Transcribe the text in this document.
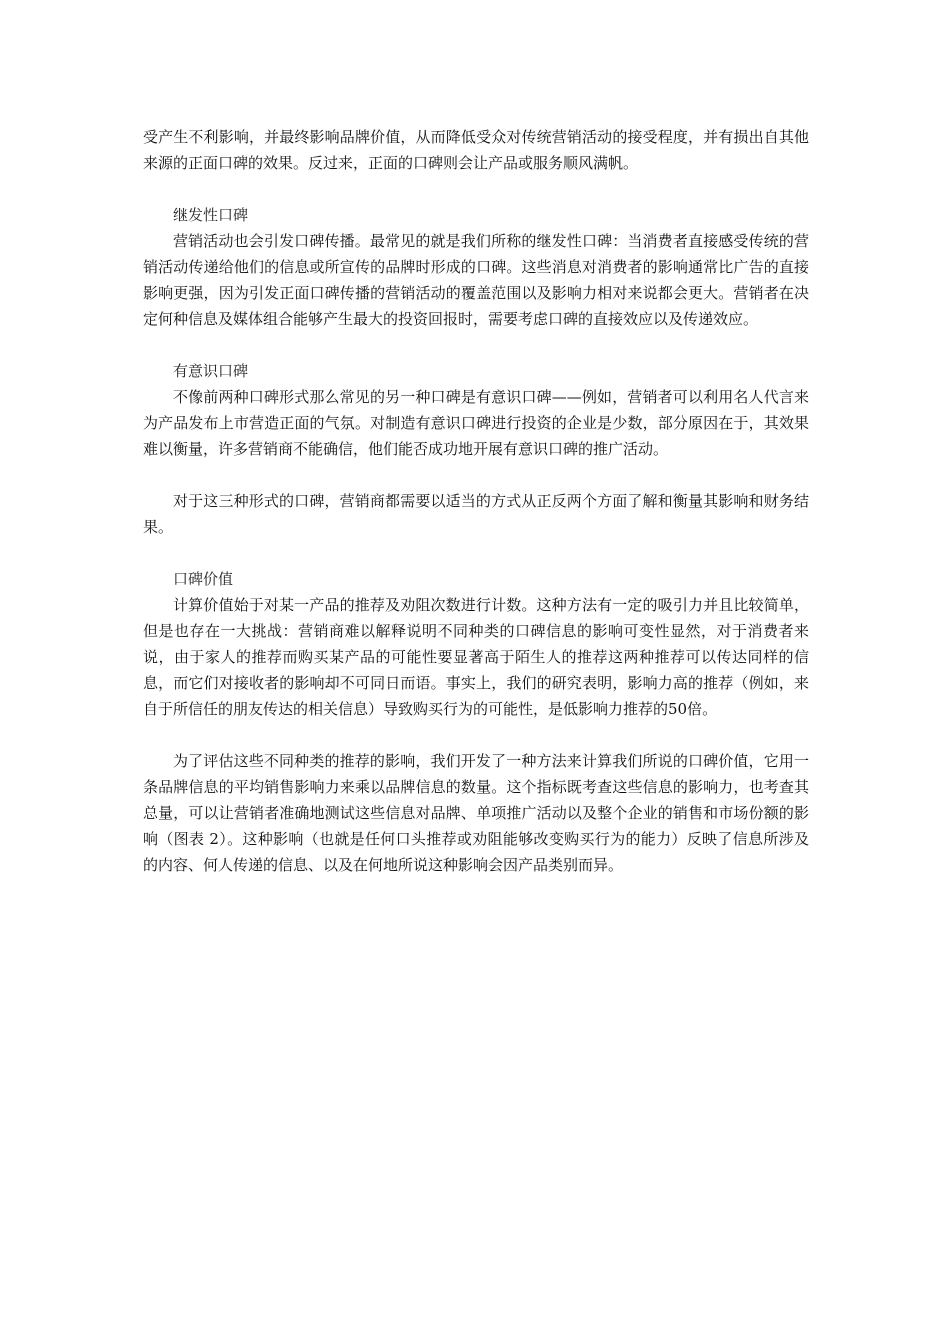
受产生不利影响，并最终影响品牌价值，从而降低受众对传统营销活动的接受程度，并有损出自其他来源的正面口碑的效果。反过来，正面的口碑则会让产品或服务顺风满帆。

继发性口碑

营销活动也会引发口碑传播。最常见的就是我们所称的继发性口碑：当消费者直接感受传统的营销活动传递给他们的信息或所宣传的品牌时形成的口碑。这些消息对消费者的影响通常比广告的直接影响更强，因为引发正面口碑传播的营销活动的覆盖范围以及影响力相对来说都会更大。营销者在决定何种信息及媒体组合能够产生最大的投资回报时，需要考虑口碑的直接效应以及传递效应。

有意识口碑

不像前两种口碑形式那么常见的另一种口碑是有意识口碑——例如，营销者可以利用名人代言来为产品发布上市营造正面的气氛。对制造有意识口碑进行投资的企业是少数，部分原因在于，其效果难以衡量，许多营销商不能确信，他们能否成功地开展有意识口碑的推广活动。

对于这三种形式的口碑，营销商都需要以适当的方式从正反两个方面了解和衡量其影响和财务结果。

口碑价值

计算价值始于对某一产品的推荐及劝阻次数进行计数。这种方法有一定的吸引力并且比较简单，但是也存在一大挑战：营销商难以解释说明不同种类的口碑信息的影响可变性显然，对于消费者来说，由于家人的推荐而购买某产品的可能性要显著高于陌生人的推荐这两种推荐可以传达同样的信息，而它们对接收者的影响却不可同日而语。事实上，我们的研究表明，影响力高的推荐（例如，来自于所信任的朋友传达的相关信息）导致购买行为的可能性，是低影响力推荐的50倍。

为了评估这些不同种类的推荐的影响，我们开发了一种方法来计算我们所说的口碑价值，它用一条品牌信息的平均销售影响力来乘以品牌信息的数量。这个指标既考查这些信息的影响力，也考查其总量，可以让营销者准确地测试这些信息对品牌、单项推广活动以及整个企业的销售和市场份额的影响（图表 2）。这种影响（也就是任何口头推荐或劝阻能够改变购买行为的能力）反映了信息所涉及的内容、何人传递的信息、以及在何地所说这种影响会因产品类别而异。
